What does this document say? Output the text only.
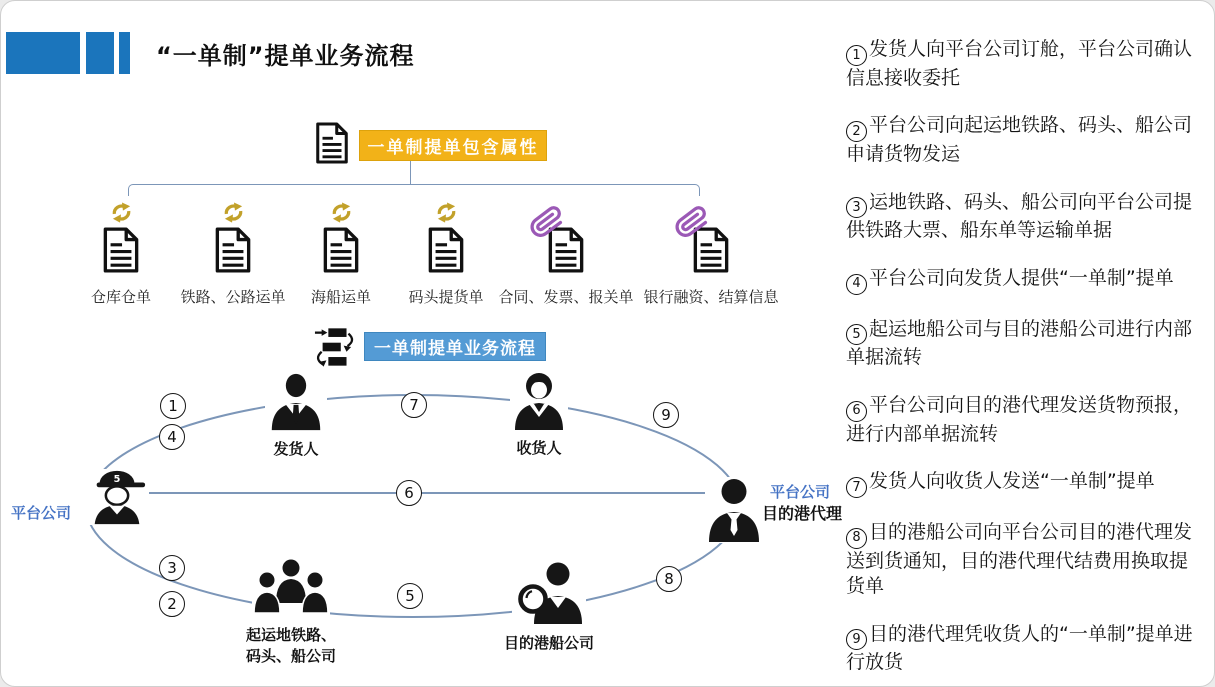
“一单制”提单业务流程
一单制提单包含属性
仓库仓单 铁路、公路运单 海船运单 码头提货单 合同、发票、报关单 银行融资、结算信息
一单制提单业务流程
发货人	收货人
5
平台公司
平台公司
目的港代理
起运地铁路、
码头、船公司
目的港船公司
1
4
7
9
6
3
2	5
8
1 发货人向平台公司订舱，平台公司确认信息接收委托
2 平台公司向起运地铁路、码头、船公司申请货物发运
3 运地铁路、码头、船公司向平台公司提供铁路大票、船东单等运输单据
4 平台公司向发货人提供“一单制”提单
5 起运地船公司与目的港船公司进行内部单据流转
6 平台公司向目的港代理发送货物预报，进行内部单据流转
7 发货人向收货人发送“一单制”提单
8 目的港船公司向平台公司目的港代理发送到货通知，目的港代理代结费用换取提货单
9 目的港代理凭收货人的“一单制”提单进行放货
